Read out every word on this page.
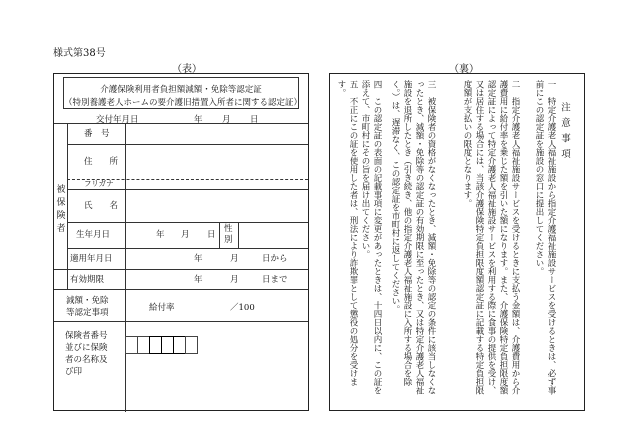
様式第38号
（表）	（裏）
介護保険利用者負担額減額・免除等認定証
（特別養護老人ホームの要介護旧措置入所者に関する認定証）
交付年月日	年 月 日
被保険者
番　号
住　　所
フリガナ
氏　　名
生年月日	年 月 日
性
別
適用年月日	年	月	日から
有効期限	年	月	日まで
減額・免除
等認定事項	給付率	／100
保険者番号
並びに保険
者の名称及
び印
注意事項
一　特定介護老人福祉施設から指定介護福祉施設サービスを受けるときは、必ず事前にこの認定証を施設の窓口に提出してください。
二　指定介護老人福祉施設サービスを受けるときに支払う金額は、介護費用から介護費用に給付率を乗じた額を引いた額になります。また、介護保険特定負担限度額認定証によって特定介護老人福祉施設サービスを利用する際に食事の提供を受け、又は居住する場合には、当該介護保険特定負担限度額認定証に記載する特定負担限度額が支払いの限度となります。
三　被保険者の資格がなくなったとき、減額・免除等の認定の条件に該当しなくなったとき、減額・免除等の認定証の有効期限に至ったとき、又は特定介護老人福祉施設を退所したとき（引き続き、他の指定介護老人福祉施設に入所する場合を除く。）は、遅滞なく、この認定証を市町村に返してください。
四　この認定証の表面の記載事項に変更があったときは、十四日以内に、この証を添えて、市町村にその旨を届け出てください。
五　不正にこの証を使用した者は、刑法により詐欺罪として懲役の処分を受けます。
